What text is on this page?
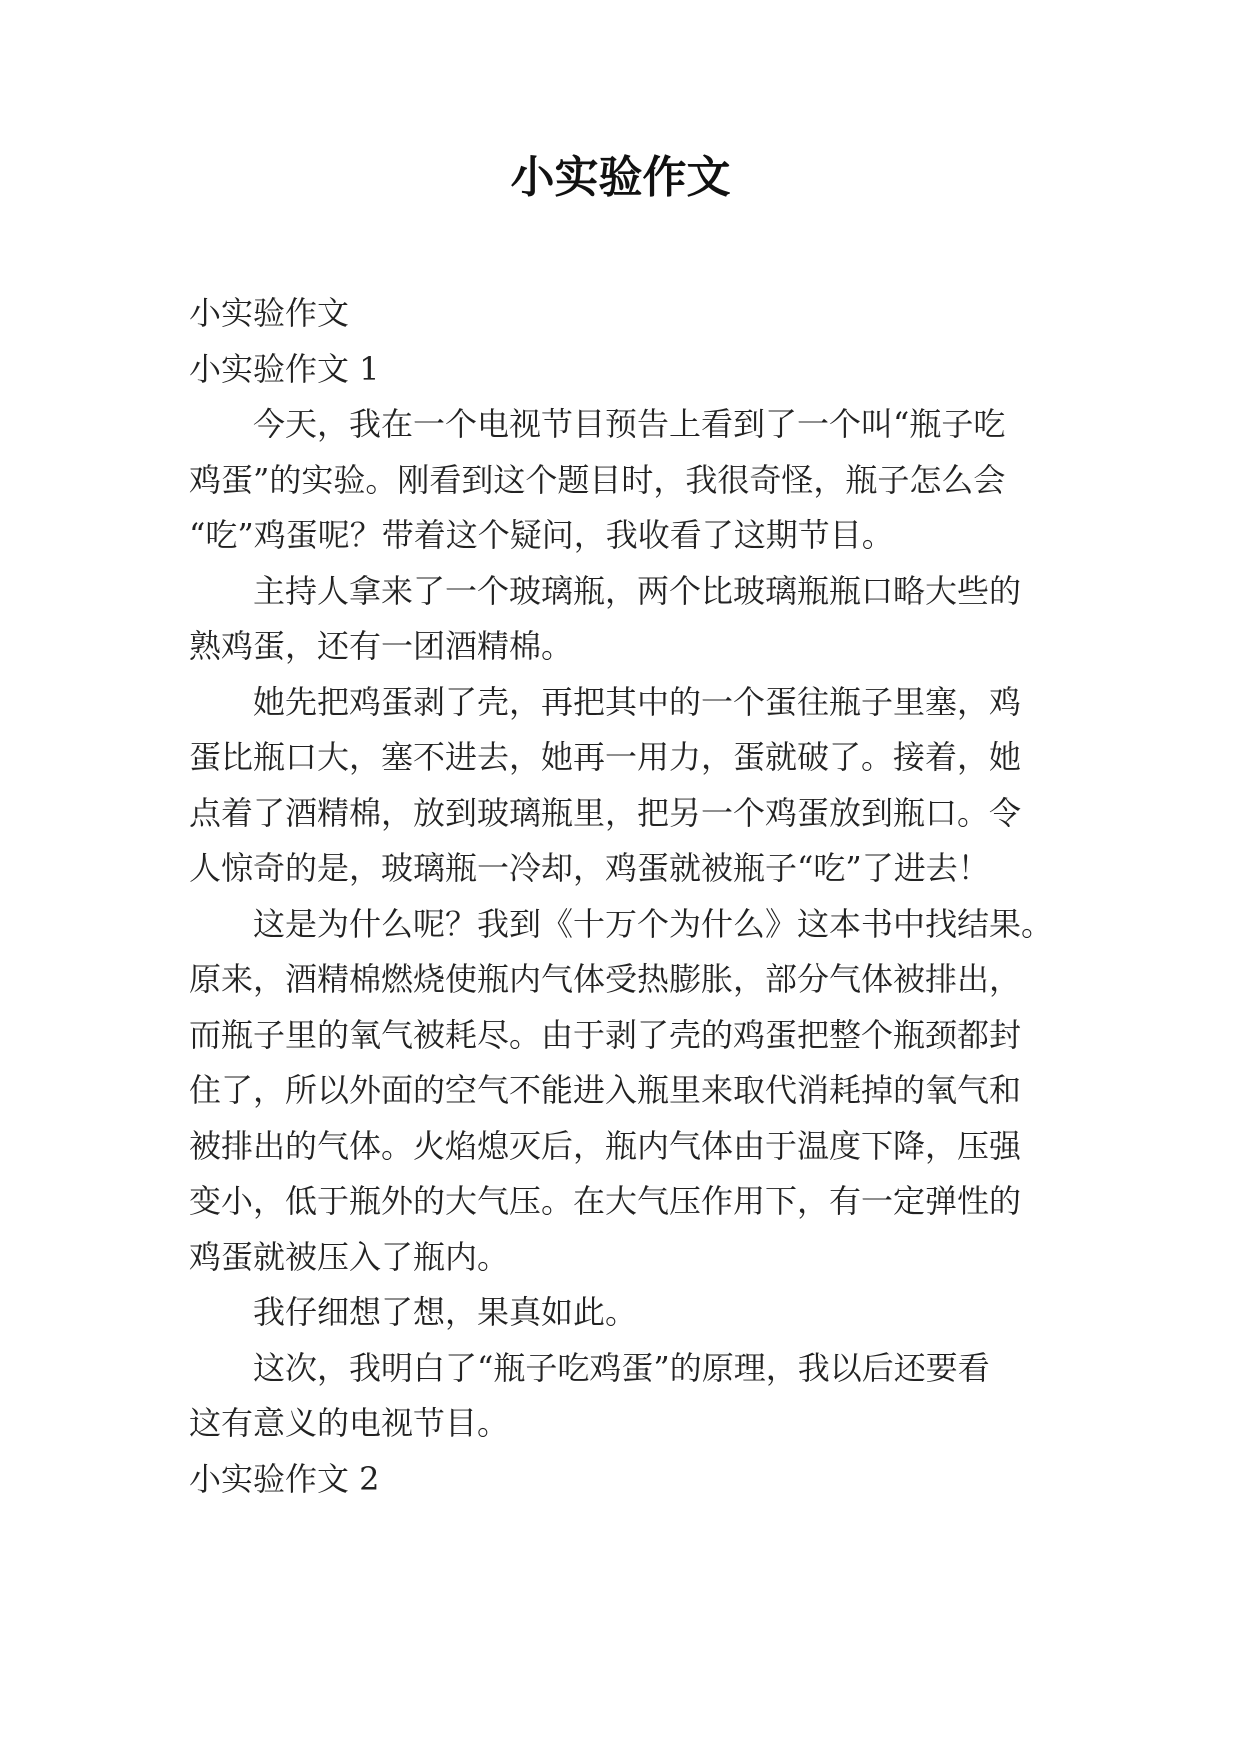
小实验作文
小实验作文
小实验作文 1
今天，我在一个电视节目预告上看到了一个叫“瓶子吃
鸡蛋”的实验。刚看到这个题目时，我很奇怪，瓶子怎么会
“吃”鸡蛋呢？带着这个疑问，我收看了这期节目。
主持人拿来了一个玻璃瓶，两个比玻璃瓶瓶口略大些的
熟鸡蛋，还有一团酒精棉。
她先把鸡蛋剥了壳，再把其中的一个蛋往瓶子里塞，鸡
蛋比瓶口大，塞不进去，她再一用力，蛋就破了。接着，她
点着了酒精棉，放到玻璃瓶里，把另一个鸡蛋放到瓶口。令
人惊奇的是，玻璃瓶一冷却，鸡蛋就被瓶子“吃”了进去！
这是为什么呢？我到《十万个为什么》这本书中找结果。
原来，酒精棉燃烧使瓶内气体受热膨胀，部分气体被排出，
而瓶子里的氧气被耗尽。由于剥了壳的鸡蛋把整个瓶颈都封
住了，所以外面的空气不能进入瓶里来取代消耗掉的氧气和
被排出的气体。火焰熄灭后，瓶内气体由于温度下降，压强
变小，低于瓶外的大气压。在大气压作用下，有一定弹性的
鸡蛋就被压入了瓶内。
我仔细想了想，果真如此。
这次，我明白了“瓶子吃鸡蛋”的原理，我以后还要看
这有意义的电视节目。
小实验作文 2
